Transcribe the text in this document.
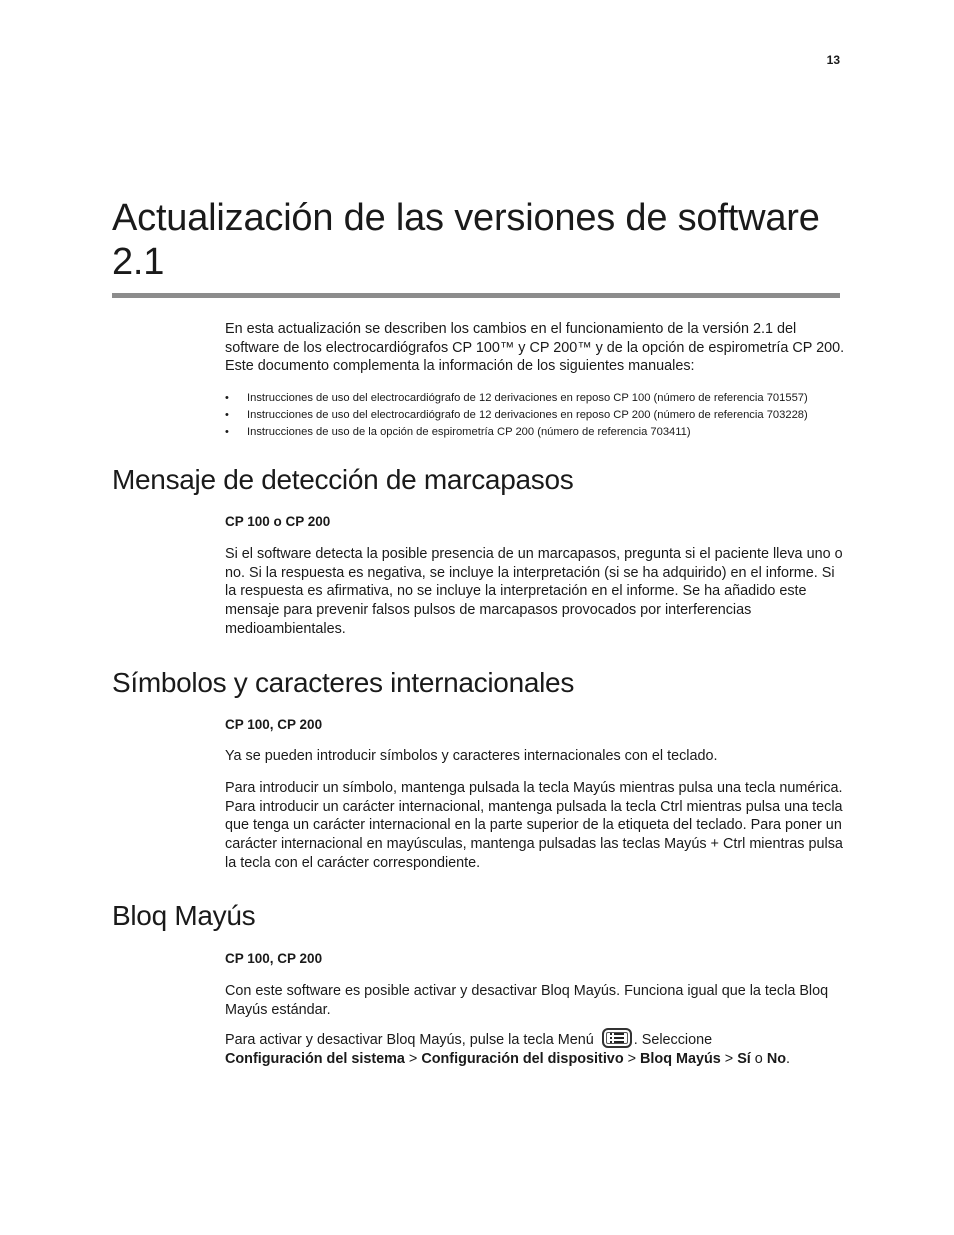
13
Actualización de las versiones de software 2.1

En esta actualización se describen los cambios en el funcionamiento de la versión 2.1 del software de los electrocardiógrafos CP 100™ y CP 200™ y de la opción de espirometría CP 200. Este documento complementa la información de los siguientes manuales:

• Instrucciones de uso del electrocardiógrafo de 12 derivaciones en reposo CP 100 (número de referencia 701557)
• Instrucciones de uso del electrocardiógrafo de 12 derivaciones en reposo CP 200 (número de referencia 703228)
• Instrucciones de uso de la opción de espirometría CP 200 (número de referencia 703411)
Mensaje de detección de marcapasos
CP 100 o CP 200

Si el software detecta la posible presencia de un marcapasos, pregunta si el paciente lleva uno o no. Si la respuesta es negativa, se incluye la interpretación (si se ha adquirido) en el informe. Si la respuesta es afirmativa, no se incluye la interpretación en el informe. Se ha añadido este mensaje para prevenir falsos pulsos de marcapasos provocados por interferencias medioambientales.

Símbolos y caracteres internacionales
CP 100, CP 200

Ya se pueden introducir símbolos y caracteres internacionales con el teclado.

Para introducir un símbolo, mantenga pulsada la tecla Mayús mientras pulsa una tecla numérica. Para introducir un carácter internacional, mantenga pulsada la tecla Ctrl mientras pulsa una tecla que tenga un carácter internacional en la parte superior de la etiqueta del teclado. Para poner un carácter internacional en mayúsculas, mantenga pulsadas las teclas Mayús + Ctrl mientras pulsa la tecla con el carácter correspondiente.

Bloq Mayús
CP 100, CP 200

Con este software es posible activar y desactivar Bloq Mayús. Funciona igual que la tecla Bloq Mayús estándar.

Para activar y desactivar Bloq Mayús, pulse la tecla Menú	. Seleccione
Configuración del sistema > Configuración del dispositivo > Bloq Mayús > Sí o No.
